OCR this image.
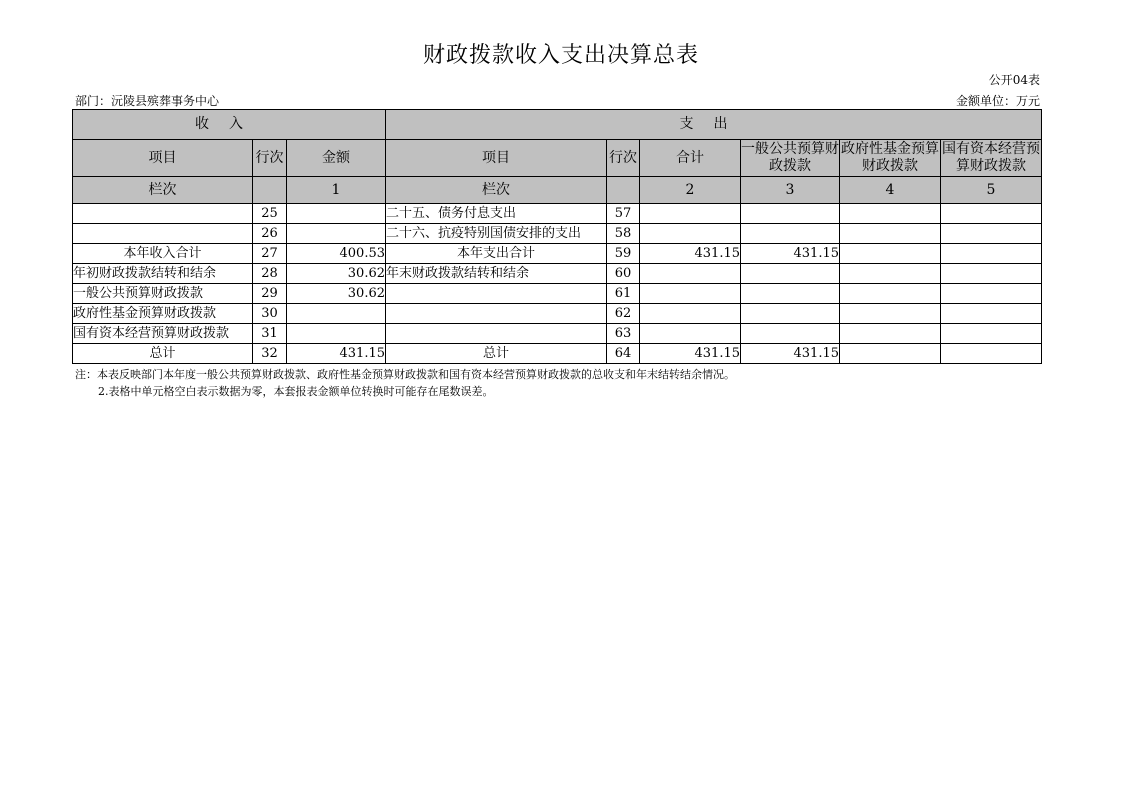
财政拨款收入支出决算总表
公开04表
部门：沅陵县殡葬事务中心	金额单位：万元
收入			支出					
项目	行次	金额	项目	行次	合计	一般公共预算财政拨款	政府性基金预算财政拨款	国有资本经营预算财政拨款
栏次		1	栏次		2	3	4	5
	25		二十五、债务付息支出	57				
	26		二十六、抗疫特别国债安排的支出	58				
本年收入合计	27	400.53	本年支出合计	59	431.15	431.15		
年初财政拨款结转和结余	28	30.62	年末财政拨款结转和结余	60				
一般公共预算财政拨款	29	30.62		61				
政府性基金预算财政拨款	30			62				
国有资本经营预算财政拨款	31			63				
总计	32	431.15	总计	64	431.15	431.15		
注：本表反映部门本年度一般公共预算财政拨款、政府性基金预算财政拨款和国有资本经营预算财政拨款的总收支和年末结转结余情况。
2.表格中单元格空白表示数据为零，本套报表金额单位转换时可能存在尾数误差。
